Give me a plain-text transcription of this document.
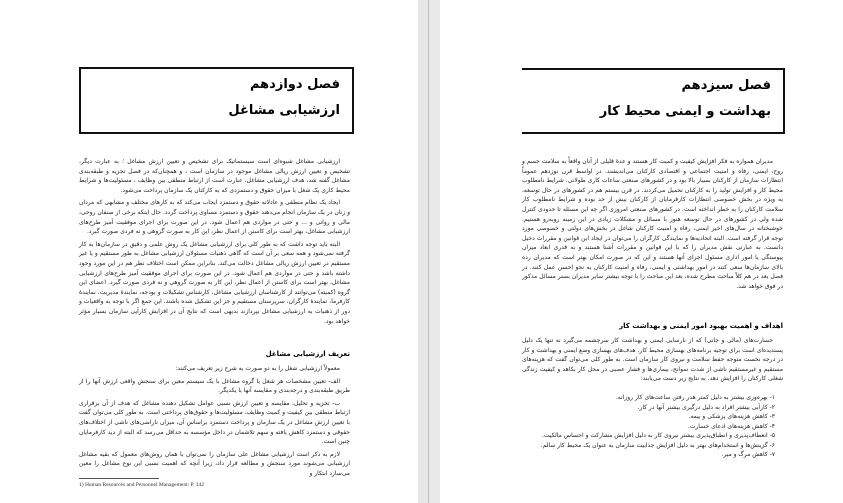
فصل دوازدهم
ارزشیابی مشاغل

ارزشیابی مشاغل شیوه‌ای است سیستماتیک برای تشخیص و تعیین ارزش مشاغل ؛ به عبارت دیگر، تشخیص و تعیین ارزش ریالی مشاغل موجود در سازمان است ، و همچنان‌که در فصل تجزیه و طبقه‌بندی مشاغل گفته شد، هدف ارزشیابی مشاغل، عبارت است از ارتباط منطقی بین وظایف ، مسئولیت‌ها و شرایط محیط کاری یک شغل با میزان حقوق و دستمزدی که به کارکنان یک سازمان پرداخت می‌شود.

ایجاد یک نظام منطقی و عادلانه حقوق و دستمزد ایجاب می‌کند که به کارهای مختلف و مشابهی که مردان و زنان در یک سازمان انجام می‌دهند حقوق و دستمزد مساوی پرداخت گردد. حال اینکه برخی از صنفان روحی، مالی و روانی و ... و حتی در مواردی هم اعمال شود. در این صورت برای اجرای موفقیت آمیز طرح‌های ارزشیابی مشاغل، بهتر است برای کاستن از اعمال نظر، این کار به صورت گروهی و نه فردی صورت گیرد.

البته باید توجه داشت که به طور کلی برای ارزشیابی مشاغل یک روش علمی و دقیق در سازمان‌ها به کار گرفته نمی‌شود و همه سعی بر آن است که گاهی ذهنیات مسئولان ارزشیابی مشاغل به طور مستقیم و یا غیر مستقیم در تعیین ارزش ریالی مشاغل دخالت می‌کند. بنابراین ممکن است اختلاف نظر هم در این مورد وجود داشته باشد و حتی در مواردی هم اعمال شود. در این صورت برای اجرای موفقیت آمیز طرح‌های ارزشیابی مشاغل، بهتر است برای کاستن از اعمال نظر، این کار به صورت گروهی و نه فردی صورت گیرد. اعضای این گروه (کمیته) می‌توانند از کارشناسان ارزشیابی مشاغل، کارشناس تشکیلات و بودجه، نمایندهٔ مدیریت، نمایندهٔ کارفرما، نمایندهٔ کارگران، سرپرستان مستقیم و جز این تشکیل شده باشند. این جمع اگر با توجه به واقعیات و دور از ذهنیات به ارزشیابی مشاغل بپردازند بدیهی است که نتایج آن در افزایش کارآیی سازمان بسیار مؤثر خواهد بود.

تعریف ارزشیابی مشاغل

معمولاً ارزشیابی شغل را به دو صورت به شرح زیر تعریف می‌کنند:

الف- تعیین مشخصات هر شغل یا گروه مشاغل با یک سیستم معین برای سنجش واقعی ارزش آنها را از طریق طبقه‌بندی و درجه‌بندی و مقایسه آنها با یکدیگر.

ب- تجزیه و تحلیل، مقایسه و تعیین ارزش نسبی عوامل تشکیل دهنده مشاغل که هدف از آن برقراری ارتباط منطقی بین کیفیت و کمیت وظایف، مسئولیت‌ها و حقوق‌های پرداختی است. به طور کلی می‌توان گفت با تعیین ارزش مشاغل در یک سازمان و پرداخت دستمزد براساس آن، میزان ناراضی‌های ناشی از اختلاف‌های حقوقی و دستمزد کاهش یافته و سهم تلاشمان در داخل مؤسسه به حداقل می‌رسد که البته از دید کارفرمایان چنین است.

لازم به ذکر است ارزشیابی مشاغل علی سازمان را نمی‌توان با همان روش‌های معمول که بقیه مشاغل ارزشیابی می‌شوند مورد سنجش و مطالعه قرار داد، زیرا آنچه که اهمیت نسبی این نوع مشاغل را معین می‌سازد ابتکار و

1) Human Resources and Personnel Management: P. 342
فصل سیزدهم
بهداشت و ایمنی محیط کار

مدیران همواره به فکر افزایش کیفیت و کمیت کار هستند و عدهٔ قلیلی از آنان واقعاً به سلامت جسم و روح، ایمنی، رفاه و امنیت اجتماعی و اقتصادی کارکنان می‌اندیشند. در اواسط قرن نوزدهم عموماً انتظارات سازمان از کارکنان بسیار بالا بود و در کشورهای صنعتی ساعات کاری طولانی، شرایط نامطلوب محیط کار و افزایش تولید را به کارکنان تحمیل می‌کردند. در قرن بیستم هم در کشورهای در حال توسعه، به ویژه در بخش خصوصی انتظارات کارفرمایان از کارکنان بیش از حد بوده و شرایط نامطلوب کار سلامت کارکنان را به خطر انداخته است. در کشورهای صنعتی امروزی اگر چه این مسئله تا حدودی کنترل شده ولی در کشورهای در حال توسعه هنوز با مسائل و مشکلات زیادی در این زمینه روبه‌رو هستیم. خوشبختانه در سال‌های اخیر ایمنی، رفاه و امنیت کارکنان شاغل در بخش‌های دولتی و خصوصی مورد توجه قرار گرفته است. البته اتحادیه‌ها و نمایندگی کارگران را می‌توان در ایجاد این قوانین و مقررات دخیل دانست. به عبارتی نقش مدیران را که با این قوانین و مقررات آشنا هستند و به قدری ابعاد میزان پیوستگی یا امور اداری مسئول اجرای آنها هستند و این که در صورت امکان بهتر است که مدیران رده بالای سازمان‌ها سعی کنند در امور بهداشتی و ایمنی، رفاه و امنیت کارکنان به نحو احسن عمل کنند. در فصل بعد در هم کلاً مباحث مطرح شده، بعد این مباحث را با توجه بیشتر سایر مدیران بستر مسائل مذکور در فوق خواهد شد.

اهداف و اهمیت بهبود امور ایمنی و بهداشت کار

خسارت‌های (مالی و جانی) که از نارسایی ایمنی و بهداشت کار سرچشمه می‌گیرد نه تنها یک دلیل پسندیده‌ای است برای توجیه برنامه‌های بهسازی محیط کار. هدف‌های بهسازی وضع ایمنی و بهداشت و کار در درجه نخست متوجه حفظ سلامت و نیروی کار سازمان است. به طور کلی می‌توان گفت که هزینه‌های مستقیم و غیرمستقیم ناشی از شدت سوانح، بیماری‌ها و فشار عصبی در محل کار بکاهد و کیفیت زندگی شغلی کارکنان را افزایش دهد. به نتایج زیر دست می‌یابند:

۱- بهره‌وری بیشتر به دلیل کمتر هدر رفتن ساعت‌های کار روزانه.
۲- کارآیی بیشتر افراد به دلیل درگیری بیشتر آنها در کار.
۳- کاهش هزینه‌های پزشکی و بیمه.
۴- کاهش هزینه‌های ادعای خسارت.
۵- انعطاف‌پذیری و انطباق‌پذیری بیشتر نیروی کار به دلیل افزایش مشارکت و احساس مالکیت.
۶- گزینش‌ها و استخدام‌های بهتر به دلیل افزایش جذابیت سازمان به عنوان یک محیط کار سالم.
۷- کاهش مرگ و میر.
